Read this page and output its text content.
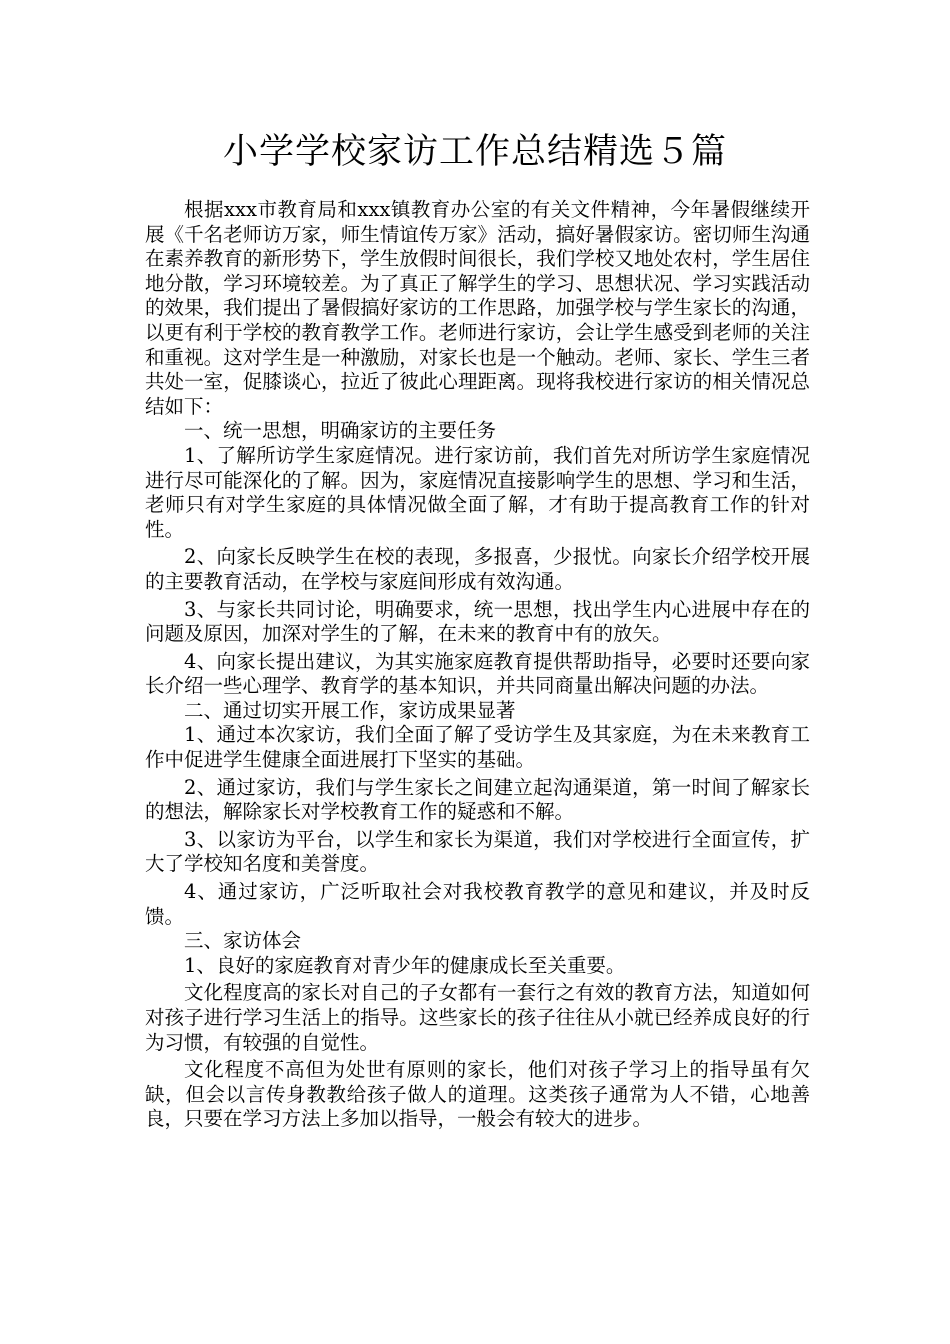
小学学校家访工作总结精选５篇

根据xxx市教育局和xxx镇教育办公室的有关文件精神，今年暑假继续开展《千名老师访万家，师生情谊传万家》活动，搞好暑假家访。密切师生沟通在素养教育的新形势下，学生放假时间很长，我们学校又地处农村，学生居住地分散，学习环境较差。为了真正了解学生的学习、思想状况、学习实践活动的效果，我们提出了暑假搞好家访的工作思路，加强学校与学生家长的沟通，以更有利于学校的教育教学工作。老师进行家访，会让学生感受到老师的关注和重视。这对学生是一种激励，对家长也是一个触动。老师、家长、学生三者共处一室，促膝谈心，拉近了彼此心理距离。现将我校进行家访的相关情况总结如下：

一、统一思想，明确家访的主要任务

1、了解所访学生家庭情况。进行家访前，我们首先对所访学生家庭情况进行尽可能深化的了解。因为，家庭情况直接影响学生的思想、学习和生活，老师只有对学生家庭的具体情况做全面了解，才有助于提高教育工作的针对性。

2、向家长反映学生在校的表现，多报喜，少报忧。向家长介绍学校开展的主要教育活动，在学校与家庭间形成有效沟通。

3、与家长共同讨论，明确要求，统一思想，找出学生内心进展中存在的问题及原因，加深对学生的了解，在未来的教育中有的放矢。

4、向家长提出建议，为其实施家庭教育提供帮助指导，必要时还要向家长介绍一些心理学、教育学的基本知识，并共同商量出解决问题的办法。

二、通过切实开展工作，家访成果显著

1、通过本次家访，我们全面了解了受访学生及其家庭，为在未来教育工作中促进学生健康全面进展打下坚实的基础。

2、通过家访，我们与学生家长之间建立起沟通渠道，第一时间了解家长的想法，解除家长对学校教育工作的疑惑和不解。

3、以家访为平台，以学生和家长为渠道，我们对学校进行全面宣传，扩大了学校知名度和美誉度。

4、通过家访，广泛听取社会对我校教育教学的意见和建议，并及时反馈。

三、家访体会

1、良好的家庭教育对青少年的健康成长至关重要。

文化程度高的家长对自己的子女都有一套行之有效的教育方法，知道如何对孩子进行学习生活上的指导。这些家长的孩子往往从小就已经养成良好的行为习惯，有较强的自觉性。

文化程度不高但为处世有原则的家长，他们对孩子学习上的指导虽有欠缺，但会以言传身教教给孩子做人的道理。这类孩子通常为人不错，心地善良，只要在学习方法上多加以指导，一般会有较大的进步。
